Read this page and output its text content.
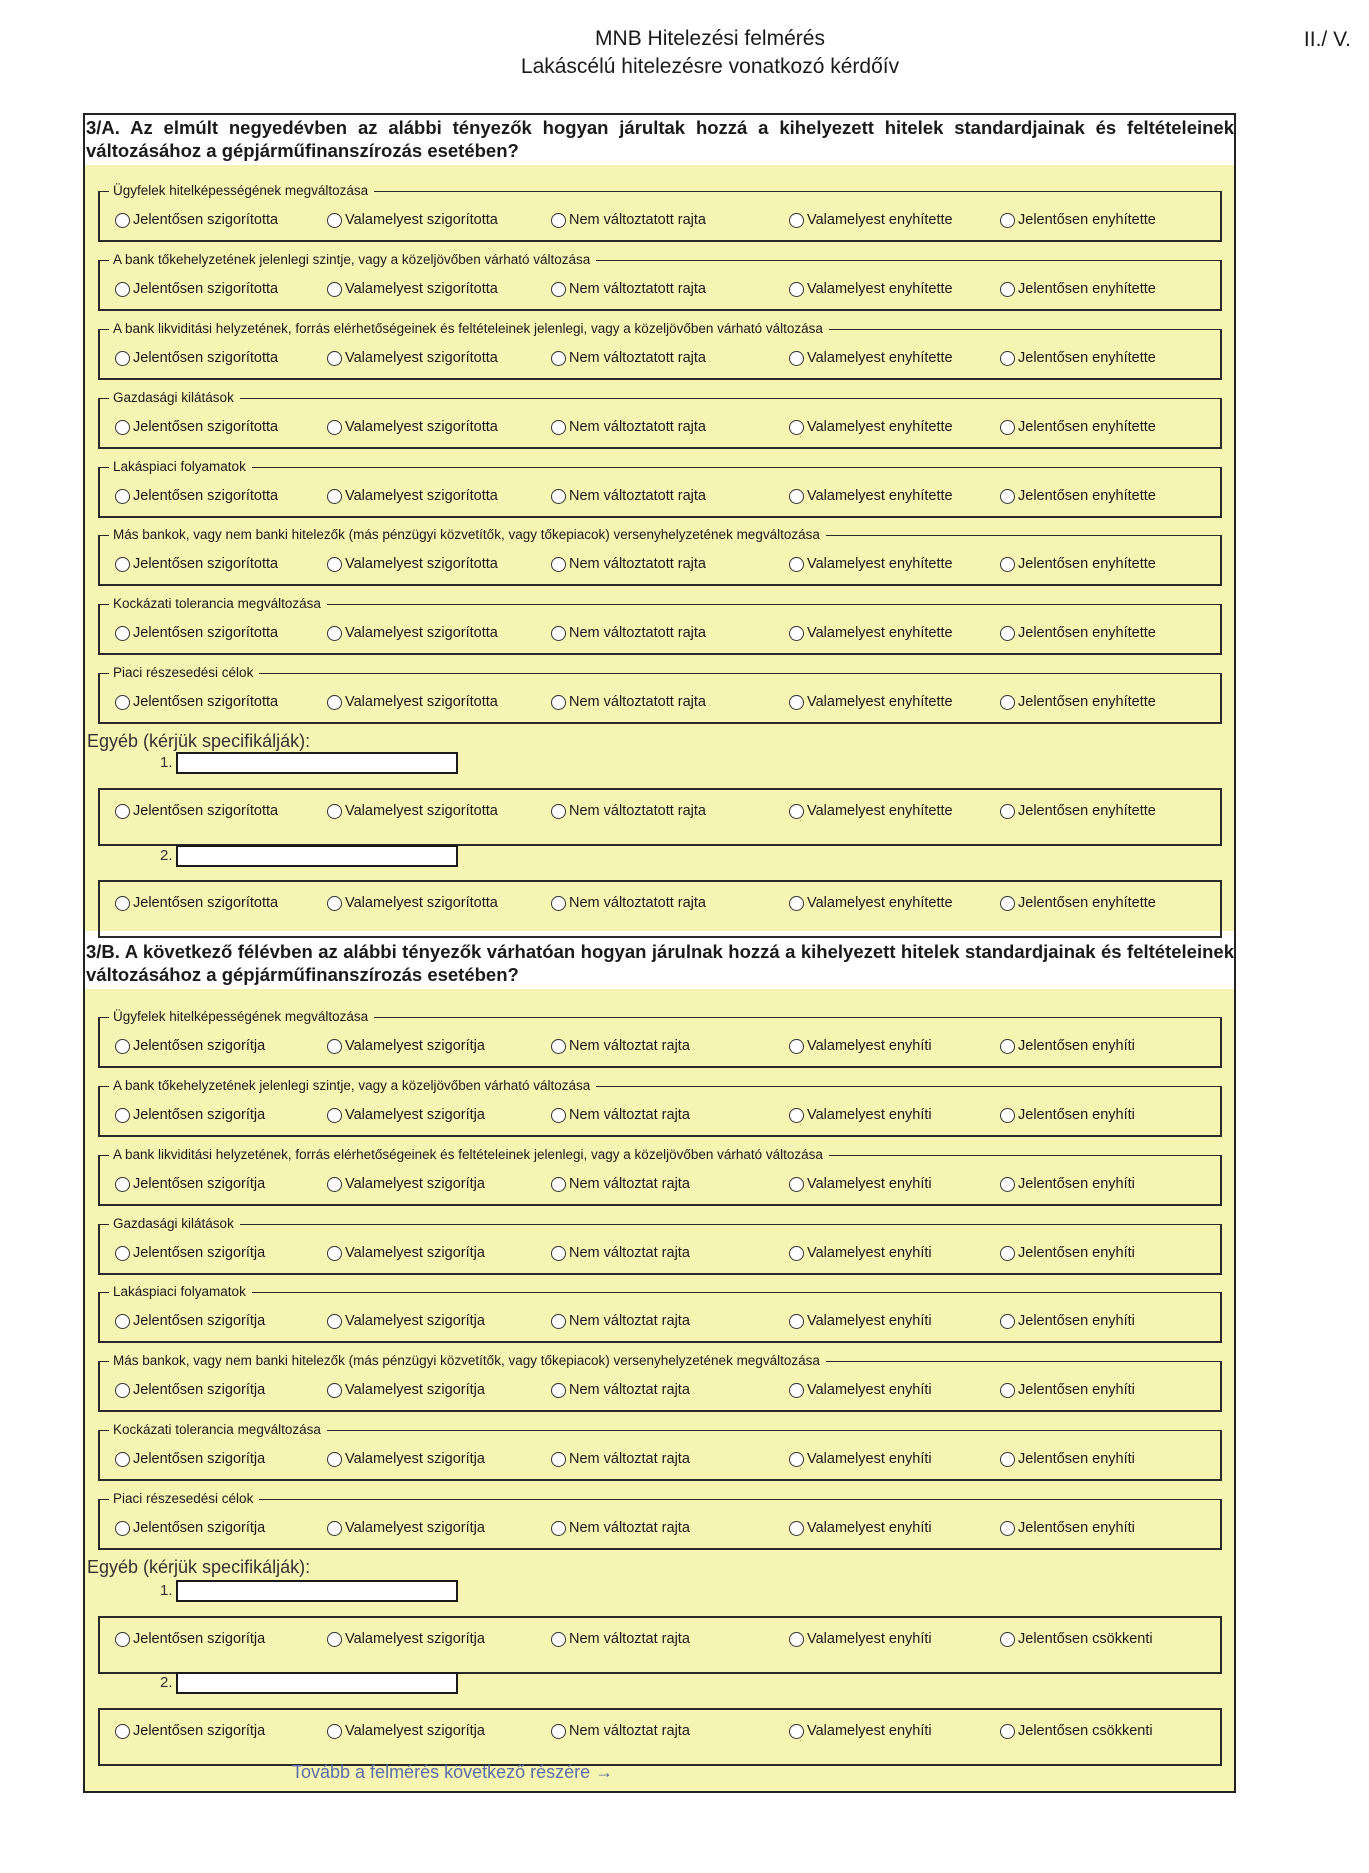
MNB Hitelezési felmérés
Lakáscélú hitelezésre vonatkozó kérdőív
II./ V.
3/A. Az elmúlt negyedévben az alábbi tényezők hogyan járultak hozzá a kihelyezett hitelek standardjainak és feltételeinek változásához a gépjárműfinanszírozás esetében?
Ügyfelek hitelképességének megváltozása
Jelentősen szigorította	Valamelyest szigorította	Nem változtatott rajta	Valamelyest enyhítette	Jelentősen enyhítette
A bank tőkehelyzetének jelenlegi szintje, vagy a közeljövőben várható változása
Jelentősen szigorította	Valamelyest szigorította	Nem változtatott rajta	Valamelyest enyhítette	Jelentősen enyhítette
A bank likviditási helyzetének, forrás elérhetőségeinek és feltételeinek jelenlegi, vagy a közeljövőben várható változása
Jelentősen szigorította	Valamelyest szigorította	Nem változtatott rajta	Valamelyest enyhítette	Jelentősen enyhítette
Gazdasági kilátások
Jelentősen szigorította	Valamelyest szigorította	Nem változtatott rajta	Valamelyest enyhítette	Jelentősen enyhítette
Lakáspiaci folyamatok
Jelentősen szigorította	Valamelyest szigorította	Nem változtatott rajta	Valamelyest enyhítette	Jelentősen enyhítette
Más bankok, vagy nem banki hitelezők (más pénzügyi közvetítők, vagy tőkepiacok) versenyhelyzetének megváltozása
Jelentősen szigorította	Valamelyest szigorította	Nem változtatott rajta	Valamelyest enyhítette	Jelentősen enyhítette
Kockázati tolerancia megváltozása
Jelentősen szigorította	Valamelyest szigorította	Nem változtatott rajta	Valamelyest enyhítette	Jelentősen enyhítette
Piaci részesedési célok
Jelentősen szigorította	Valamelyest szigorította	Nem változtatott rajta	Valamelyest enyhítette	Jelentősen enyhítette
Egyéb (kérjük specifikálják):
1.
Jelentősen szigorította	Valamelyest szigorította	Nem változtatott rajta	Valamelyest enyhítette	Jelentősen enyhítette
2.
Jelentősen szigorította	Valamelyest szigorította	Nem változtatott rajta	Valamelyest enyhítette	Jelentősen enyhítette
3/B. A következő félévben az alábbi tényezők várhatóan hogyan járulnak hozzá a kihelyezett hitelek standardjainak és feltételeinek változásához a gépjárműfinanszírozás esetében?
Ügyfelek hitelképességének megváltozása
Jelentősen szigorítja	Valamelyest szigorítja	Nem változtat rajta	Valamelyest enyhíti	Jelentősen enyhíti
A bank tőkehelyzetének jelenlegi szintje, vagy a közeljövőben várható változása
Jelentősen szigorítja	Valamelyest szigorítja	Nem változtat rajta	Valamelyest enyhíti	Jelentősen enyhíti
A bank likviditási helyzetének, forrás elérhetőségeinek és feltételeinek jelenlegi, vagy a közeljövőben várható változása
Jelentősen szigorítja	Valamelyest szigorítja	Nem változtat rajta	Valamelyest enyhíti	Jelentősen enyhíti
Gazdasági kilátások
Jelentősen szigorítja	Valamelyest szigorítja	Nem változtat rajta	Valamelyest enyhíti	Jelentősen enyhíti
Lakáspiaci folyamatok
Jelentősen szigorítja	Valamelyest szigorítja	Nem változtat rajta	Valamelyest enyhíti	Jelentősen enyhíti
Más bankok, vagy nem banki hitelezők (más pénzügyi közvetítők, vagy tőkepiacok) versenyhelyzetének megváltozása
Jelentősen szigorítja	Valamelyest szigorítja	Nem változtat rajta	Valamelyest enyhíti	Jelentősen enyhíti
Kockázati tolerancia megváltozása
Jelentősen szigorítja	Valamelyest szigorítja	Nem változtat rajta	Valamelyest enyhíti	Jelentősen enyhíti
Piaci részesedési célok
Jelentősen szigorítja	Valamelyest szigorítja	Nem változtat rajta	Valamelyest enyhíti	Jelentősen enyhíti
Egyéb (kérjük specifikálják):
1.
Jelentősen szigorítja	Valamelyest szigorítja	Nem változtat rajta	Valamelyest enyhíti	Jelentősen csökkenti
2.
Jelentősen szigorítja	Valamelyest szigorítja	Nem változtat rajta	Valamelyest enyhíti	Jelentősen csökkenti
Tovább a felmérés következő részére →
